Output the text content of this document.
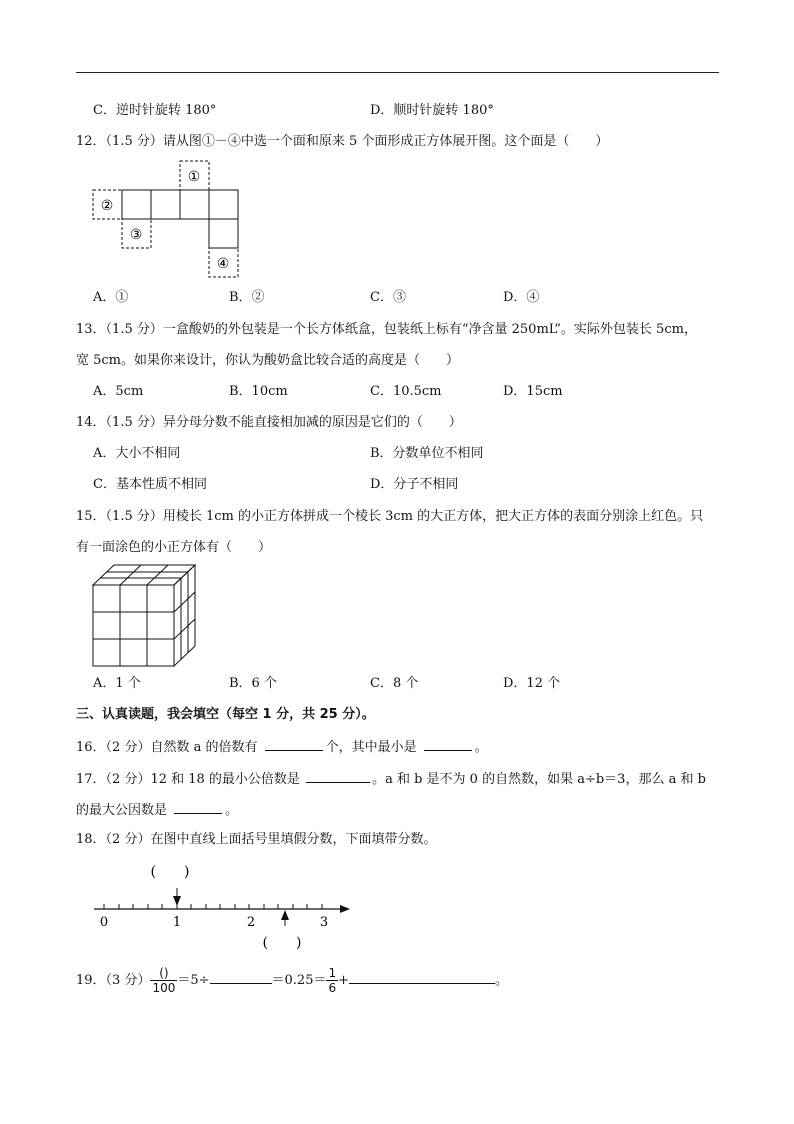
C．逆时针旋转 180°	D．顺时针旋转 180°
12．（1.5 分）请从图①－④中选一个面和原来 5 个面形成正方体展开图。这个面是（　　）
①
②
③
④
A．①	B．②	C．③	D．④
13．（1.5 分）一盒酸奶的外包装是一个长方体纸盒，包装纸上标有“净含量 250mL”。实际外包装长 5cm，
宽 5cm。如果你来设计，你认为酸奶盒比较合适的高度是（　　）
A．5cm	B．10cm	C．10.5cm	D．15cm
14．（1.5 分）异分母分数不能直接相加减的原因是它们的（　　）
A．大小不相同	B．分数单位不相同
C．基本性质不相同	D．分子不相同
15．（1.5 分）用棱长 1cm 的小正方体拼成一个棱长 3cm 的大正方体，把大正方体的表面分别涂上红色。只
有一面涂色的小正方体有（　　）
A．1 个	B．6 个	C．8 个	D．12 个
三、认真读题，我会填空（每空 1 分，共 25 分）。
16．（2 分）自然数 a 的倍数有	个，其中最小是	。
17．（2 分）12 和 18 的最小公倍数是	。a 和 b 是不为 0 的自然数，如果 a÷b＝3，那么 a 和 b
的最大公因数是	。
18．（2 分）在图中直线上面括号里填假分数，下面填带分数。
(　　)
0	1	2	3
(　　)
19．（3 分） $\frac{()}{100} =5\div$	$=0.25= \frac{1}{6}$ +	。
